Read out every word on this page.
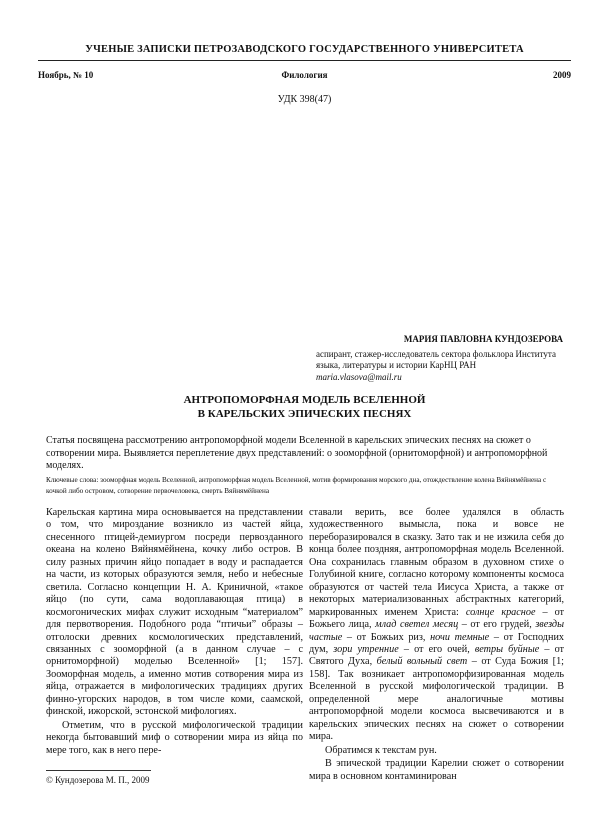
УЧЕНЫЕ ЗАПИСКИ ПЕТРОЗАВОДСКОГО ГОСУДАРСТВЕННОГО УНИВЕРСИТЕТА
Ноябрь, № 10	Филология	2009
УДК 398(47)
МАРИЯ ПАВЛОВНА КУНДОЗЕРОВА
аспирант, стажер-исследователь сектора фольклора Института языка, литературы и истории КарНЦ РАН
maria.vlasova@mail.ru
АНТРОПОМОРФНАЯ МОДЕЛЬ ВСЕЛЕННОЙ
В КАРЕЛЬСКИХ ЭПИЧЕСКИХ ПЕСНЯХ
Статья посвящена рассмотрению антропоморфной модели Вселенной в карельских эпических песнях на сюжет о сотворении мира. Выявляется переплетение двух представлений: о зооморфной (орнитоморфной) и антропоморфной моделях.
Ключевые слова: зооморфная модель Вселенной, антропоморфная модель Вселенной, мотив формирования морского дна, отождествление колена Вяйнямёйнена с кочкой либо островом, сотворение первочеловека, смерть Вяйнямёйнена

Карельская картина мира основывается на представлении о том, что мироздание возникло из частей яйца, снесенного птицей-демиургом посреди первозданного океана на колено Вяйнямёйнена, кочку либо остров. В силу разных причин яйцо попадает в воду и распадается на части, из которых образуются земля, небо и небесные светила. Согласно концепции Н. А. Криничной, «такое яйцо (по сути, сама водоплавающая птица) в космогонических мифах служит исходным “материалом” для первотворения. Подобного рода “птичьи” образы – отголоски древних космологических представлений, связанных с зооморфной (а в данном случае – с орнитоморфной) моделью Вселенной» [1; 157]. Зооморфная модель, а именно мотив сотворения мира из яйца, отражается в мифологических традициях других финно-угорских народов, в том числе коми, саамской, финской, ижорской, эстонской мифологиях.

Отметим, что в русской мифологической традиции некогда бытовавший миф о сотворении мира из яйца по мере того, как в него пере-

ставали верить, все более удалялся в область художественного вымысла, пока и вовсе не переборазировался в сказку. Зато так и не изжила себя до конца более поздняя, антропоморфная модель Вселенной. Она сохранилась главным образом в духовном стихе о Голубиной книге, согласно которому компоненты космоса образуются от частей тела Иисуса Христа, а также от некоторых материализованных абстрактных категорий, маркированных именем Христа: солнце красное – от Божьего лица, млад светел месяц – от его грудей, звезды частые – от Божьих риз, ночи темные – от Господних дум, зори утренние – от его очей, ветры буйные – от Святого Духа, белый вольный свет – от Суда Божия [1; 158]. Так возникает антропоморфизированная модель Вселенной в русской мифологической традиции. В определенной мере аналогичные мотивы антропоморфной модели космоса высвечиваются и в карельских эпических песнях на сюжет о сотворении мира.

Обратимся к текстам рун.

В эпической традиции Карелии сюжет о сотворении мира в основном контаминирован

© Кундозерова М. П., 2009
